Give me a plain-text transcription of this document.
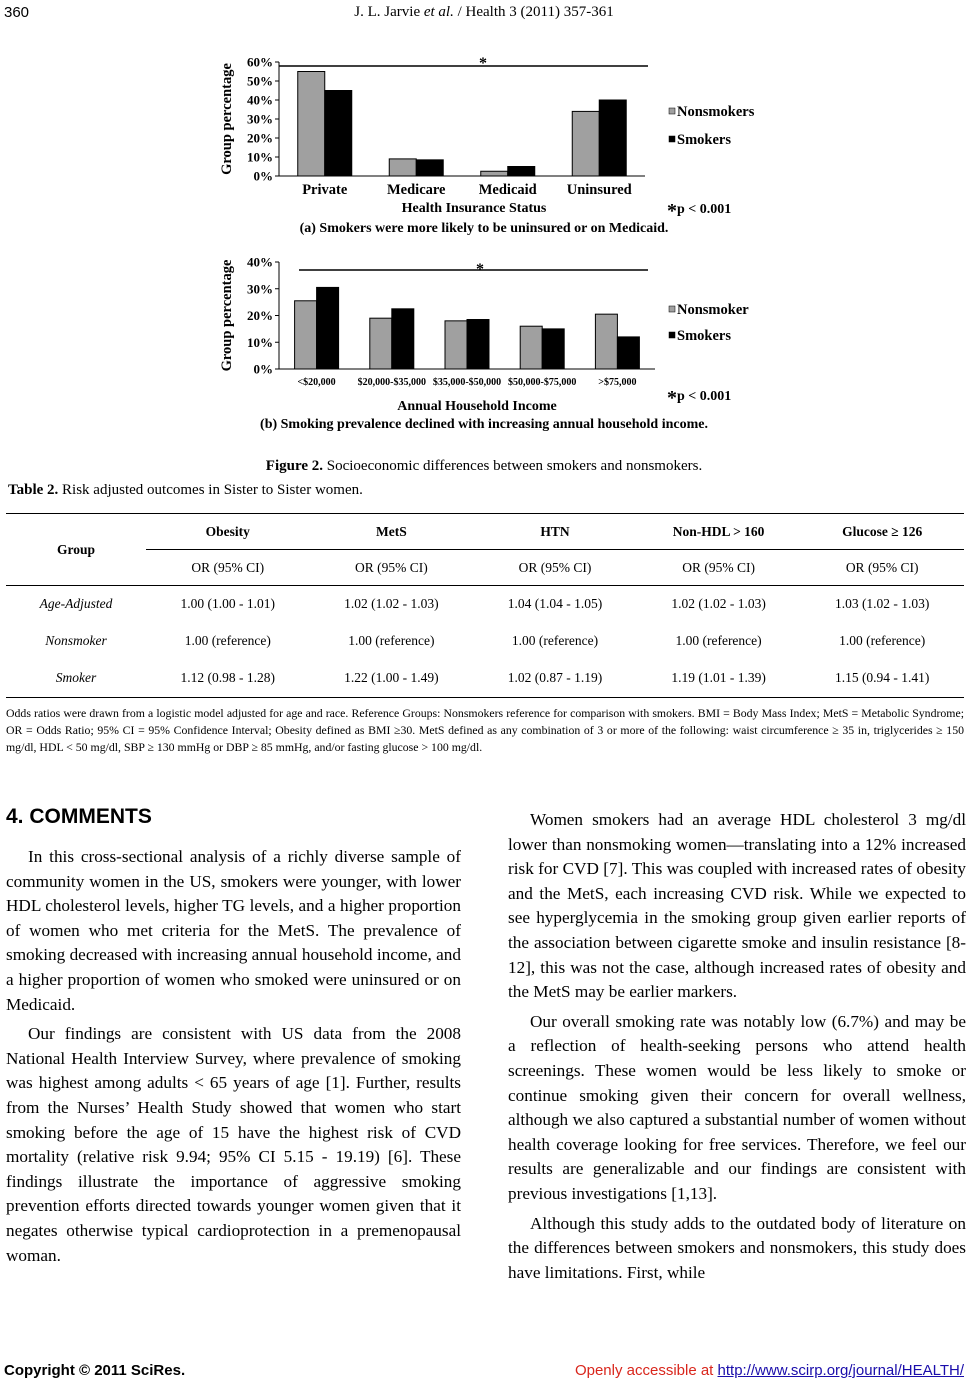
360	J. L. Jarvie et al. / Health 3 (2011) 357-361
0%
10%
20%
30%
40%
50%
60%
Group percentage
Private	Medicare Medicaid Uninsured
*
Nonsmokers
Smokers
Health Insurance Status	* p < 0.001
(a) Smokers were more likely to be uninsured or on Medicaid.
0%
10%
20%
30%
40%
Group percentage
<$20,000 $20,000-$35,000 $35,000-$50,000 $50,000-$75,000 >$75,000
*
Nonsmoker
Smokers
Annual Household Income	* p < 0.001
(b) Smoking prevalence declined with increasing annual household income.
Figure 2. Socioeconomic differences between smokers and nonsmokers.
Table 2. Risk adjusted outcomes in Sister to Sister women.
Group	Obesity	MetS	HTN	Non-HDL > 160	Glucose ≥ 126
	OR (95% CI)	OR (95% CI)	OR (95% CI)	OR (95% CI)	OR (95% CI)
Age-Adjusted	1.00 (1.00 - 1.01)	1.02 (1.02 - 1.03)	1.04 (1.04 - 1.05)	1.02 (1.02 - 1.03)	1.03 (1.02 - 1.03)
Nonsmoker	1.00 (reference)	1.00 (reference)	1.00 (reference)	1.00 (reference)	1.00 (reference)
Smoker	1.12 (0.98 - 1.28)	1.22 (1.00 - 1.49)	1.02 (0.87 - 1.19)	1.19 (1.01 - 1.39)	1.15 (0.94 - 1.41)
Odds ratios were drawn from a logistic model adjusted for age and race. Reference Groups: Nonsmokers reference for comparison with smokers. BMI = Body Mass Index; MetS = Metabolic Syndrome; OR = Odds Ratio; 95% CI = 95% Confidence Interval; Obesity defined as BMI ≥30. MetS defined as any combination of 3 or more of the following: waist circumference ≥ 35 in, triglycerides ≥ 150 mg/dl, HDL < 50 mg/dl, SBP ≥ 130 mmHg or DBP ≥ 85 mmHg, and/or fasting glucose > 100 mg/dl.
4. COMMENTS

In this cross-sectional analysis of a richly diverse sample of community women in the US, smokers were younger, with lower HDL cholesterol levels, higher TG levels, and a higher proportion of women who met criteria for the MetS. The prevalence of smoking decreased with increasing annual household income, and a higher proportion of women who smoked were uninsured or on Medicaid.

Our findings are consistent with US data from the 2008 National Health Interview Survey, where prevalence of smoking was highest among adults < 65 years of age [1]. Further, results from the Nurses’ Health Study showed that women who start smoking before the age of 15 have the highest risk of CVD mortality (relative risk 9.94; 95% CI 5.15 - 19.19) [6]. These findings illustrate the importance of aggressive smoking prevention efforts directed towards younger women given that it negates otherwise typical cardioprotection in a premenopausal woman.

Women smokers had an average HDL cholesterol 3 mg/dl lower than nonsmoking women—translating into a 12% increased risk for CVD [7]. This was coupled with increased rates of obesity and the MetS, each increasing CVD risk. While we expected to see hyperglycemia in the smoking group given earlier reports of the association between cigarette smoke and insulin resistance [8-12], this was not the case, although increased rates of obesity and the MetS may be earlier markers.

Our overall smoking rate was notably low (6.7%) and may be a reflection of health-seeking persons who attend health screenings. These women would be less likely to smoke or continue smoking given their concern for overall wellness, although we also captured a substantial number of women without health coverage looking for free services. Therefore, we feel our results are generalizable and our findings are consistent with previous investigations [1,13].

Although this study adds to the outdated body of literature on the differences between smokers and nonsmokers, this study does have limitations. First, while

Copyright © 2011 SciRes.	Openly accessible at http://www.scirp.org/journal/HEALTH/
